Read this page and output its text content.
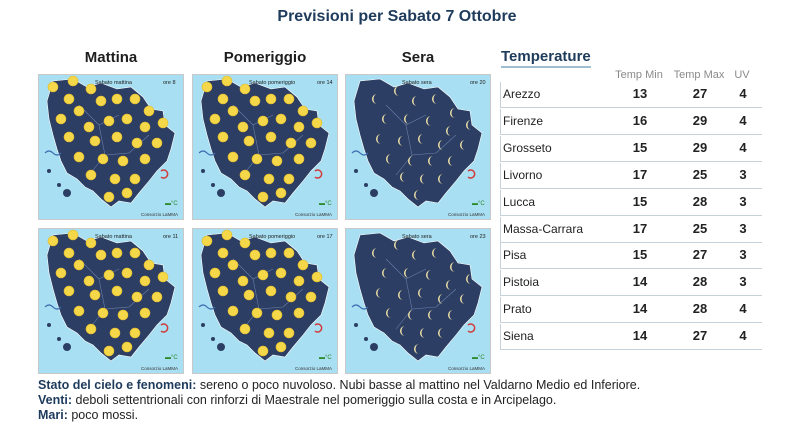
Previsioni per Sabato 7 Ottobre
Mattina	Pomeriggio	Sera
Sabato mattina	ore 8
Consorzio LaMMA
▬°C
Sabato pomeriggio	ore 14
Consorzio LaMMA
▬°C
Sabato sera	ore 20
Consorzio LaMMA
▬°C
Sabato mattina	ore 11
Consorzio LaMMA
▬°C
Sabato pomeriggio	ore 17
Consorzio LaMMA
▬°C
Sabato sera	ore 23
Consorzio LaMMA
▬°C
Temperature
Temp Min Temp Max UV
Arezzo	13	27	4
Firenze	16	29	4
Grosseto	15	29	4
Livorno	17	25	3
Lucca	15	28	3
Massa-Carrara	17	25	3
Pisa	15	27	3
Pistoia	14	28	3
Prato	14	28	4
Siena	14	27	4
Stato del cielo e fenomeni: sereno o poco nuvoloso. Nubi basse al mattino nel Valdarno Medio ed Inferiore.
Venti: deboli settentrionali con rinforzi di Maestrale nel pomeriggio sulla costa e in Arcipelago.
Mari: poco mossi.
